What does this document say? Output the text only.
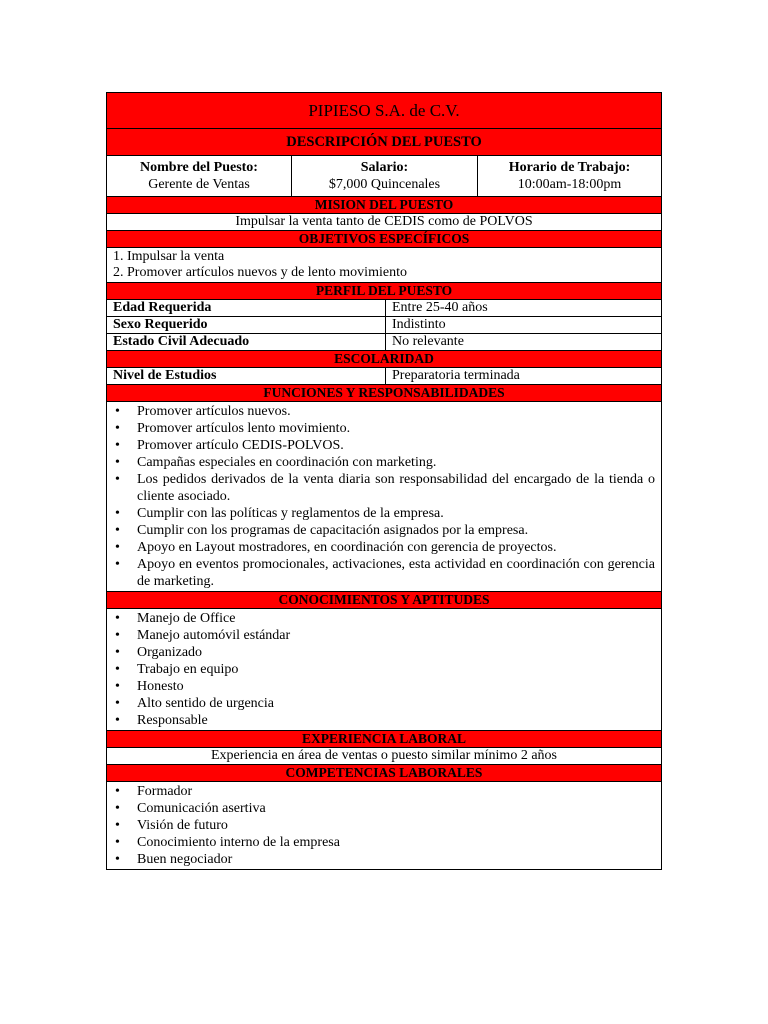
PIPIESO S.A. de C.V.
DESCRIPCIÓN DEL PUESTO
Nombre del Puesto:
Gerente de Ventas
Salario:
$7,000 Quincenales
Horario de Trabajo:
10:00am-18:00pm
MISION DEL PUESTO
Impulsar la venta tanto de CEDIS como de POLVOS
OBJETIVOS ESPECÍFICOS
1. Impulsar la venta
2. Promover artículos nuevos y de lento movimiento
PERFIL DEL PUESTO
Edad Requerida	Entre 25-40 años
Sexo Requerido	Indistinto
Estado Civil Adecuado	No relevante
ESCOLARIDAD
Nivel de Estudios	Preparatoria terminada
FUNCIONES Y RESPONSABILIDADES
• Promover artículos nuevos.
• Promover artículos lento movimiento.
• Promover artículo CEDIS-POLVOS.
• Campañas especiales en coordinación con marketing.
• Los pedidos derivados de la venta diaria son responsabilidad del encargado de la tienda o cliente asociado.
• Cumplir con las políticas y reglamentos de la empresa.
• Cumplir con los programas de capacitación asignados por la empresa.
• Apoyo en Layout mostradores, en coordinación con gerencia de proyectos.
• Apoyo en eventos promocionales, activaciones, esta actividad en coordinación con gerencia de marketing.
CONOCIMIENTOS Y APTITUDES
• Manejo de Office
• Manejo automóvil estándar
• Organizado
• Trabajo en equipo
• Honesto
• Alto sentido de urgencia
• Responsable
EXPERIENCIA LABORAL
Experiencia en área de ventas o puesto similar mínimo 2 años
COMPETENCIAS LABORALES
• Formador
• Comunicación asertiva
• Visión de futuro
• Conocimiento interno de la empresa
• Buen negociador
